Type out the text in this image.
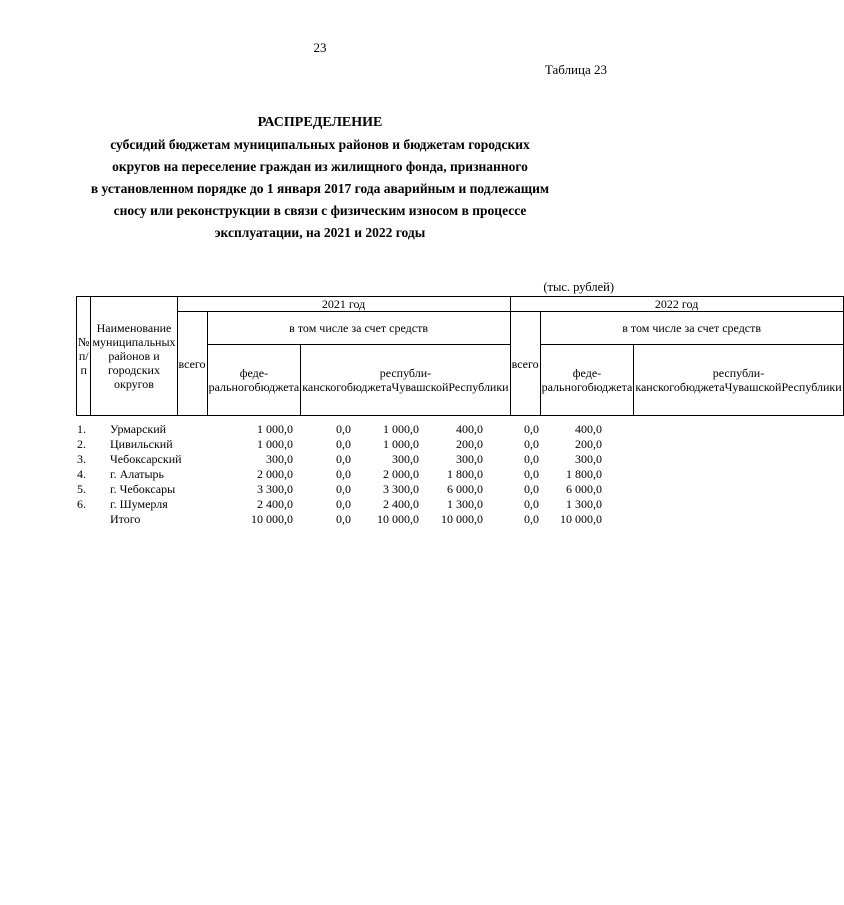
23
Таблица 23
РАСПРЕДЕЛЕНИЕ
субсидий бюджетам муниципальных районов и бюджетам городских
округов на переселение граждан из жилищного фонда, признанного
в установленном порядке до 1 января 2017 года аварийным и подлежащим
сносу или реконструкции в связи с физическим износом в процессе
эксплуатации, на 2021 и 2022 годы
(тыс. рублей)
№ п/п	Наименование муниципальных районов и городских округов	2021 год			2022 год		
		всего	в том числе за счет средств		всего	в том числе за счет средств	
			феде-ральногобюджета	республи-канскогобюджетаЧувашскойРеспублики		феде-ральногобюджета	республи-канскогобюджетаЧувашскойРеспублики
1.	Урмарский	1 000,0	0,0	1 000,0	400,0	0,0	400,0
2.	Цивильский	1 000,0	0,0	1 000,0	200,0	0,0	200,0
3.	Чебоксарский	300,0	0,0	300,0	300,0	0,0	300,0
4.	г. Алатырь	2 000,0	0,0	2 000,0	1 800,0	0,0	1 800,0
5.	г. Чебоксары	3 300,0	0,0	3 300,0	6 000,0	0,0	6 000,0
6.	г. Шумерля	2 400,0	0,0	2 400,0	1 300,0	0,0	1 300,0
	Итого	10 000,0	0,0	10 000,0	10 000,0	0,0	10 000,0
